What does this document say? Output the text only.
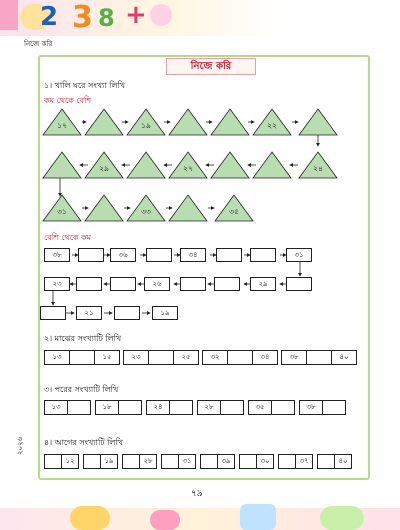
2 3 8 +
নিজে করি
নিজে করি
১। খালি ঘরে সংখ্যা লিখি
কম থেকে বেশি
১৭	১৯	২২
২৯	২৭	২৪
৩১	৩৩	৩৫
বেশি থেকে কম
৩৮	৩৬	৩৪	৩১
২৩	২৬	২৯
২১	১৯
২। মাঝের সংখ্যাটি লিখি
১৩	১৫	২৩	২৫	৩২	৩৪	৩৮	৪০
৩। পরের সংখ্যাটি লিখি
১৩	১৮	২৪	২৮	৩৫	৩৮
৪। আগের সংখ্যাটি লিখি
১২	১৯	২৮	৩১	৩৯	৩০	৩৭	৪০
২০২৬
৭৯
